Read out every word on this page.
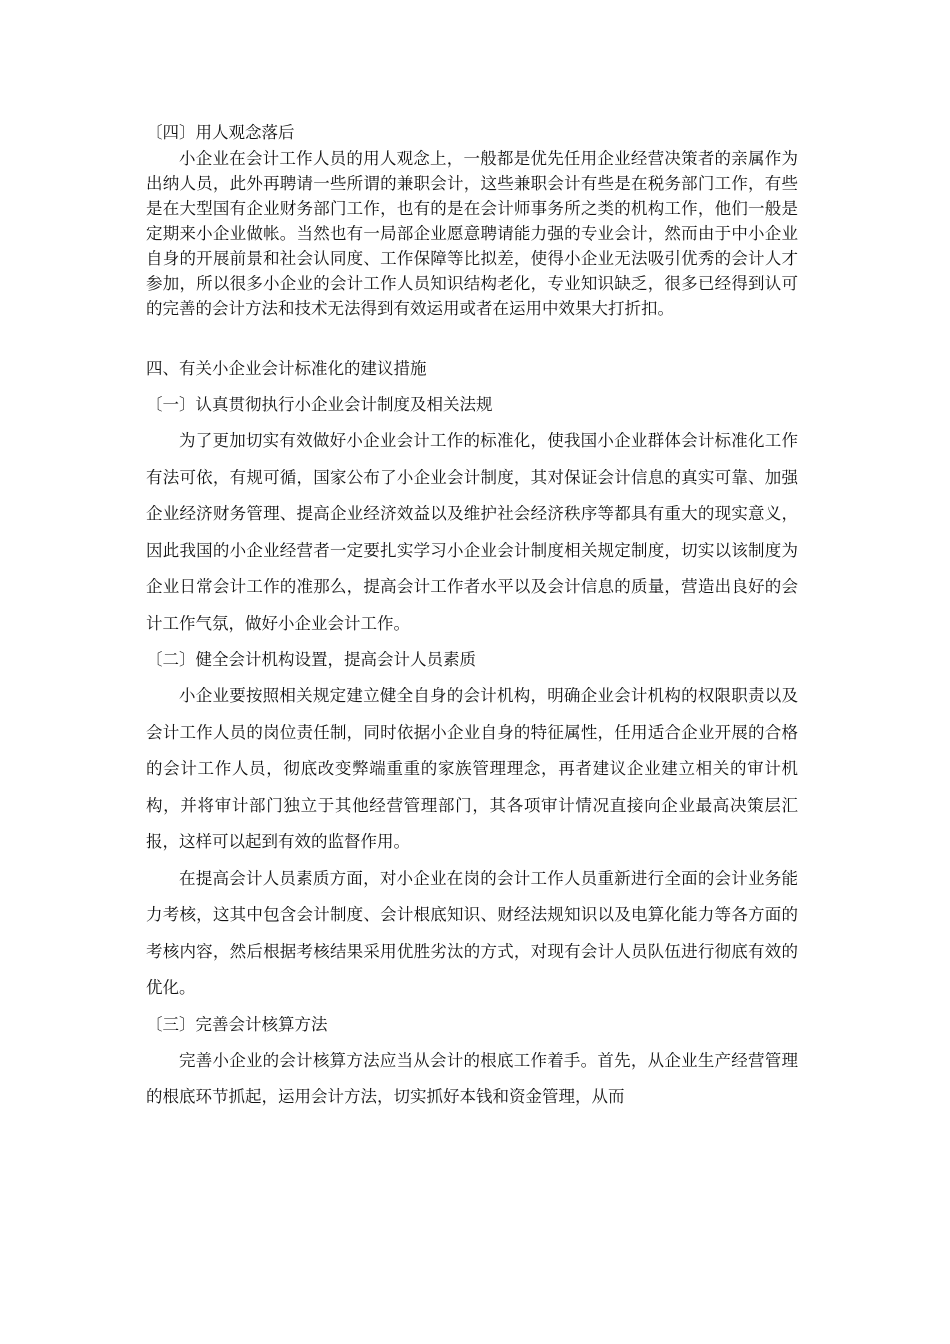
〔四〕用人观念落后

小企业在会计工作人员的用人观念上，一般都是优先任用企业经营决策者的亲属作为出纳人员，此外再聘请一些所谓的兼职会计，这些兼职会计有些是在税务部门工作，有些是在大型国有企业财务部门工作，也有的是在会计师事务所之类的机构工作，他们一般是定期来小企业做帐。当然也有一局部企业愿意聘请能力强的专业会计，然而由于中小企业自身的开展前景和社会认同度、工作保障等比拟差，使得小企业无法吸引优秀的会计人才参加，所以很多小企业的会计工作人员知识结构老化，专业知识缺乏，很多已经得到认可的完善的会计方法和技术无法得到有效运用或者在运用中效果大打折扣。

四、有关小企业会计标准化的建议措施

〔一〕认真贯彻执行小企业会计制度及相关法规

为了更加切实有效做好小企业会计工作的标准化，使我国小企业群体会计标准化工作有法可依，有规可循，国家公布了小企业会计制度，其对保证会计信息的真实可靠、加强企业经济财务管理、提高企业经济效益以及维护社会经济秩序等都具有重大的现实意义，因此我国的小企业经营者一定要扎实学习小企业会计制度相关规定制度，切实以该制度为企业日常会计工作的准那么，提高会计工作者水平以及会计信息的质量，营造出良好的会计工作气氛，做好小企业会计工作。

〔二〕健全会计机构设置，提高会计人员素质

小企业要按照相关规定建立健全自身的会计机构，明确企业会计机构的权限职责以及会计工作人员的岗位责任制，同时依据小企业自身的特征属性，任用适合企业开展的合格的会计工作人员，彻底改变弊端重重的家族管理理念，再者建议企业建立相关的审计机构，并将审计部门独立于其他经营管理部门，其各项审计情况直接向企业最高决策层汇报，这样可以起到有效的监督作用。

在提高会计人员素质方面，对小企业在岗的会计工作人员重新进行全面的会计业务能力考核，这其中包含会计制度、会计根底知识、财经法规知识以及电算化能力等各方面的考核内容，然后根据考核结果采用优胜劣汰的方式，对现有会计人员队伍进行彻底有效的优化。

〔三〕完善会计核算方法

完善小企业的会计核算方法应当从会计的根底工作着手。首先，从企业生产经营管理的根底环节抓起，运用会计方法，切实抓好本钱和资金管理，从而
